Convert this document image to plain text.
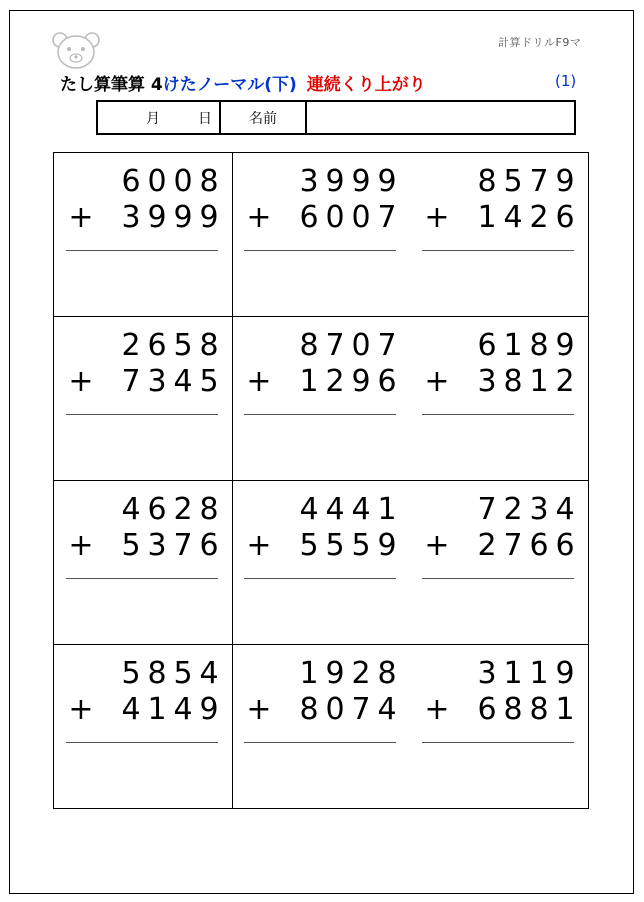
計算ドリルF9マ
たし算筆算 4けたノーマル(下) 連続くり上がり	(1)
月	日	名前
6 0 0 8
+ 3 9 9 9
3 9 9 9
+ 6 0 0 7
8 5 7 9
+ 1 4 2 6
2 6 5 8
+ 7 3 4 5
8 7 0 7
+ 1 2 9 6
6 1 8 9
+ 3 8 1 2
4 6 2 8
+ 5 3 7 6
4 4 4 1
+ 5 5 5 9
7 2 3 4
+ 2 7 6 6
5 8 5 4
+ 4 1 4 9
1 9 2 8
+ 8 0 7 4
3 1 1 9
+ 6 8 8 1
